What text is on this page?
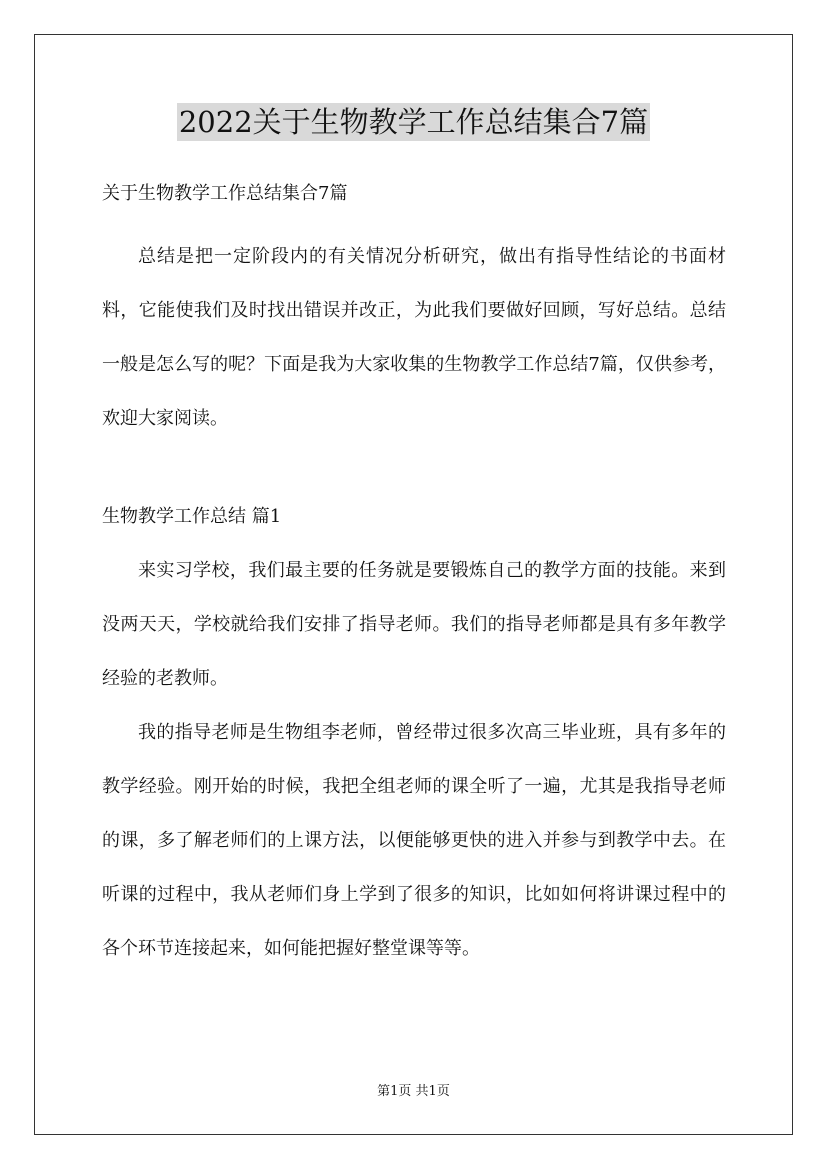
2022关于生物教学工作总结集合7篇

关于生物教学工作总结集合7篇

总结是把一定阶段内的有关情况分析研究，做出有指导性结论的书面材料，它能使我们及时找出错误并改正，为此我们要做好回顾，写好总结。总结一般是怎么写的呢？下面是我为大家收集的生物教学工作总结7篇，仅供参考，欢迎大家阅读。

生物教学工作总结 篇1

来实习学校，我们最主要的任务就是要锻炼自己的教学方面的技能。来到没两天天，学校就给我们安排了指导老师。我们的指导老师都是具有多年教学经验的老教师。

我的指导老师是生物组李老师，曾经带过很多次高三毕业班，具有多年的教学经验。刚开始的时候，我把全组老师的课全听了一遍，尤其是我指导老师的课，多了解老师们的上课方法，以便能够更快的进入并参与到教学中去。在听课的过程中，我从老师们身上学到了很多的知识，比如如何将讲课过程中的各个环节连接起来，如何能把握好整堂课等等。

第1页 共1页
